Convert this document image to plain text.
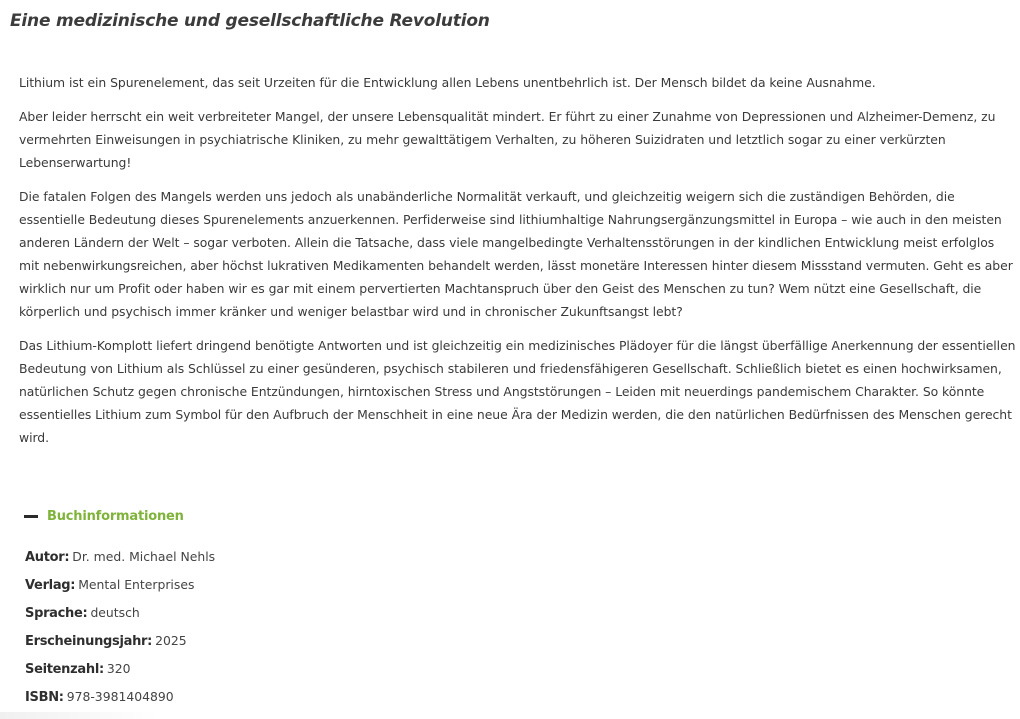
Eine medizinische und gesellschaftliche Revolution

Lithium ist ein Spurenelement, das seit Urzeiten für die Entwicklung allen Lebens unentbehrlich ist. Der Mensch bildet da keine Ausnahme.

Aber leider herrscht ein weit verbreiteter Mangel, der unsere Lebensqualität mindert. Er führt zu einer Zunahme von Depressionen und Alzheimer-Demenz, zu vermehrten Einweisungen in psychiatrische Kliniken, zu mehr gewalttätigem Verhalten, zu höheren Suizidraten und letztlich sogar zu einer verkürzten Lebenserwartung!

Die fatalen Folgen des Mangels werden uns jedoch als unabänderliche Normalität verkauft, und gleichzeitig weigern sich die zuständigen Behörden, die essentielle Bedeutung dieses Spurenelements anzuerkennen. Perfiderweise sind lithiumhaltige Nahrungsergänzungsmittel in Europa – wie auch in den meisten anderen Ländern der Welt – sogar verboten. Allein die Tatsache, dass viele mangelbedingte Verhaltensstörungen in der kindlichen Entwicklung meist erfolglos mit nebenwirkungsreichen, aber höchst lukrativen Medikamenten behandelt werden, lässt monetäre Interessen hinter diesem Missstand vermuten. Geht es aber wirklich nur um Profit oder haben wir es gar mit einem pervertierten Machtanspruch über den Geist des Menschen zu tun? Wem nützt eine Gesellschaft, die körperlich und psychisch immer kränker und weniger belastbar wird und in chronischer Zukunftsangst lebt?

Das Lithium-Komplott liefert dringend benötigte Antworten und ist gleichzeitig ein medizinisches Plädoyer für die längst überfällige Anerkennung der essentiellen Bedeutung von Lithium als Schlüssel zu einer gesünderen, psychisch stabileren und friedensfähigeren Gesellschaft. Schließlich bietet es einen hochwirksamen, natürlichen Schutz gegen chronische Entzündungen, hirntoxischen Stress und Angststörungen – Leiden mit neuerdings pandemischem Charakter. So könnte essentielles Lithium zum Symbol für den Aufbruch der Menschheit in eine neue Ära der Medizin werden, die den natürlichen Bedürfnissen des Menschen gerecht wird.

Buchinformationen
Autor: Dr. med. Michael Nehls
Verlag: Mental Enterprises
Sprache: deutsch
Erscheinungsjahr: 2025
Seitenzahl: 320
ISBN: 978-3981404890
